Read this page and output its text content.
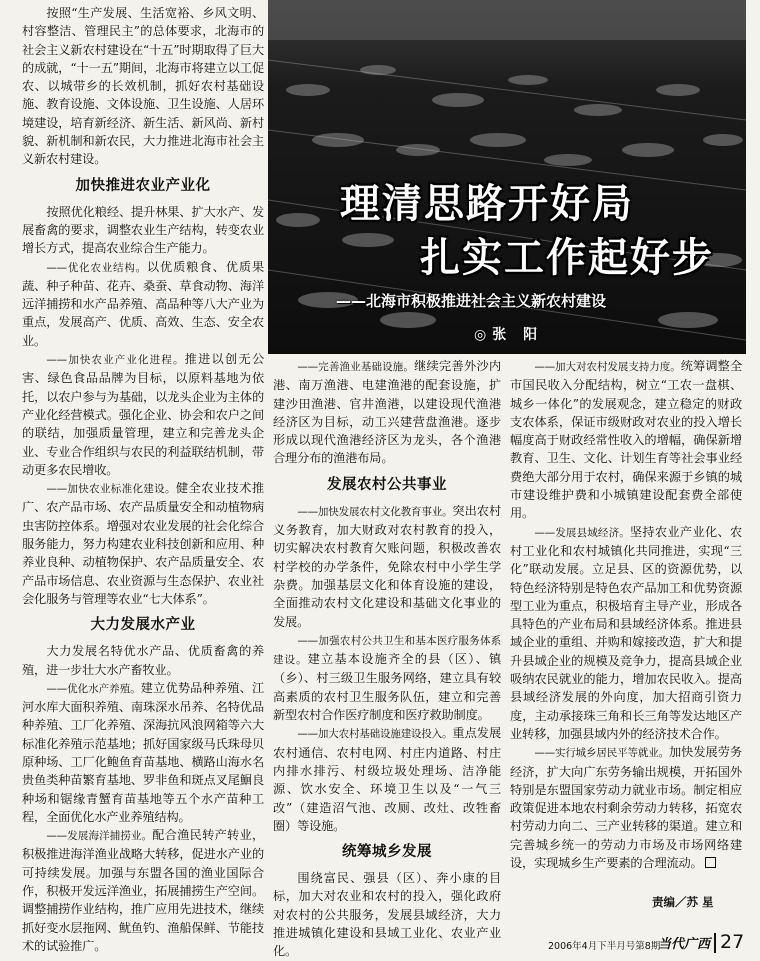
理清思路开好局
扎实工作起好步
——北海市积极推进社会主义新农村建设
◎张 阳

按照“生产发展、生活宽裕、乡风文明、村容整洁、管理民主”的总体要求，北海市的社会主义新农村建设在“十五”时期取得了巨大的成就，“十一五”期间，北海市将建立以工促农、以城带乡的长效机制，抓好农村基础设施、教育设施、文体设施、卫生设施、人居环境建设，培育新经济、新生活、新风尚、新村貌、新机制和新农民，大力推进北海市社会主义新农村建设。

加快推进农业产业化

按照优化粮经、提升林果、扩大水产、发展畜禽的要求，调整农业生产结构，转变农业增长方式，提高农业综合生产能力。

——优化农业结构。以优质粮食、优质果蔬、种子种苗、花卉、桑蚕、草食动物、海洋远洋捕捞和水产品养殖、高品种等八大产业为重点，发展高产、优质、高效、生态、安全农业。

——加快农业产业化进程。推进以创无公害、绿色食品品牌为目标，以原料基地为依托，以农户参与为基础，以龙头企业为主体的产业化经营模式。强化企业、协会和农户之间的联结，加强质量管理，建立和完善龙头企业、专业合作组织与农民的利益联结机制，带动更多农民增收。

——加快农业标准化建设。健全农业技术推广、农产品市场、农产品质量安全和动植物病虫害防控体系。增强对农业发展的社会化综合服务能力，努力构建农业科技创新和应用、种养业良种、动植物保护、农产品质量安全、农产品市场信息、农业资源与生态保护、农业社会化服务与管理等农业“七大体系”。

大力发展水产业

大力发展名特优水产品、优质畜禽的养殖，进一步壮大水产畜牧业。

——优化水产养殖。建立优势品种养殖、江河水库大面积养殖、南珠深水吊养、名特优品种养殖、工厂化养殖、深海抗风浪网箱等六大标准化养殖示范基地；抓好国家级马氏珠母贝原种场、工厂化鲍鱼育苗基地、横路山海水名贵鱼类种苗繁育基地、罗非鱼和斑点叉尾鮰良种场和锯缘青蟹育苗基地等五个水产苗种工程，全面优化水产业养殖结构。

——发展海洋捕捞业。配合渔民转产转业，积极推进海洋渔业战略大转移，促进水产业的可持续发展。加强与东盟各国的渔业国际合作，积极开发远洋渔业，拓展捕捞生产空间。调整捕捞作业结构，推广应用先进技术，继续抓好变水层拖网、鱿鱼钓、渔船保鲜、节能技术的试验推广。

——完善渔业基础设施。继续完善外沙内港、南万渔港、电建渔港的配套设施，扩建沙田渔港、官井渔港，以建设现代渔港经济区为目标，动工兴建营盘渔港。逐步形成以现代渔港经济区为龙头，各个渔港合理分布的渔港布局。

发展农村公共事业

——加快发展农村文化教育事业。突出农村义务教育，加大财政对农村教育的投入，切实解决农村教育欠账问题，积极改善农村学校的办学条件，免除农村中小学生学杂费。加强基层文化和体育设施的建设，全面推动农村文化建设和基础文化事业的发展。

——加强农村公共卫生和基本医疗服务体系建设。建立基本设施齐全的县（区）、镇（乡）、村三级卫生服务网络，建立具有较高素质的农村卫生服务队伍，建立和完善新型农村合作医疗制度和医疗救助制度。

——加大农村基础设施建设投入。重点发展农村通信、农村电网、村庄内道路、村庄内排水排污、村级垃圾处理场、洁净能源、饮水安全、环境卫生以及“一气三改”（建造沼气池、改厕、改灶、改牲畜圈）等设施。

统筹城乡发展

围绕富民、强县（区）、奔小康的目标，加大对农业和农村的投入，强化政府对农村的公共服务，发展县域经济，大力推进城镇化建设和县域工业化、农业产业化。

——加大对农村发展支持力度。统筹调整全市国民收入分配结构，树立“工农一盘棋、城乡一体化”的发展观念，建立稳定的财政支农体系，保证市级财政对农业的投入增长幅度高于财政经常性收入的增幅，确保新增教育、卫生、文化、计划生育等社会事业经费绝大部分用于农村，确保来源于乡镇的城市建设维护费和小城镇建设配套费全部使用。

——发展县域经济。坚持农业产业化、农村工业化和农村城镇化共同推进，实现“三化”联动发展。立足县、区的资源优势，以特色经济特别是特色农产品加工和优势资源型工业为重点，积极培育主导产业，形成各具特色的产业布局和县域经济体系。推进县域企业的重组、并购和嫁接改造，扩大和提升县域企业的规模及竞争力，提高县域企业吸纳农民就业的能力，增加农民收入。提高县域经济发展的外向度，加大招商引资力度，主动承接珠三角和长三角等发达地区产业转移，加强县域内外的经济技术合作。

——实行城乡居民平等就业。加快发展劳务经济，扩大向广东劳务输出规模，开拓国外特别是东盟国家劳动力就业市场。制定相应政策促进本地农村剩余劳动力转移，拓宽农村劳动力向二、三产业转移的渠道。建立和完善城乡统一的劳动力市场及市场网络建设，实现城乡生产要素的合理流动。

责编／苏 星
2006年4月下半月号第8期
当代广西 27
